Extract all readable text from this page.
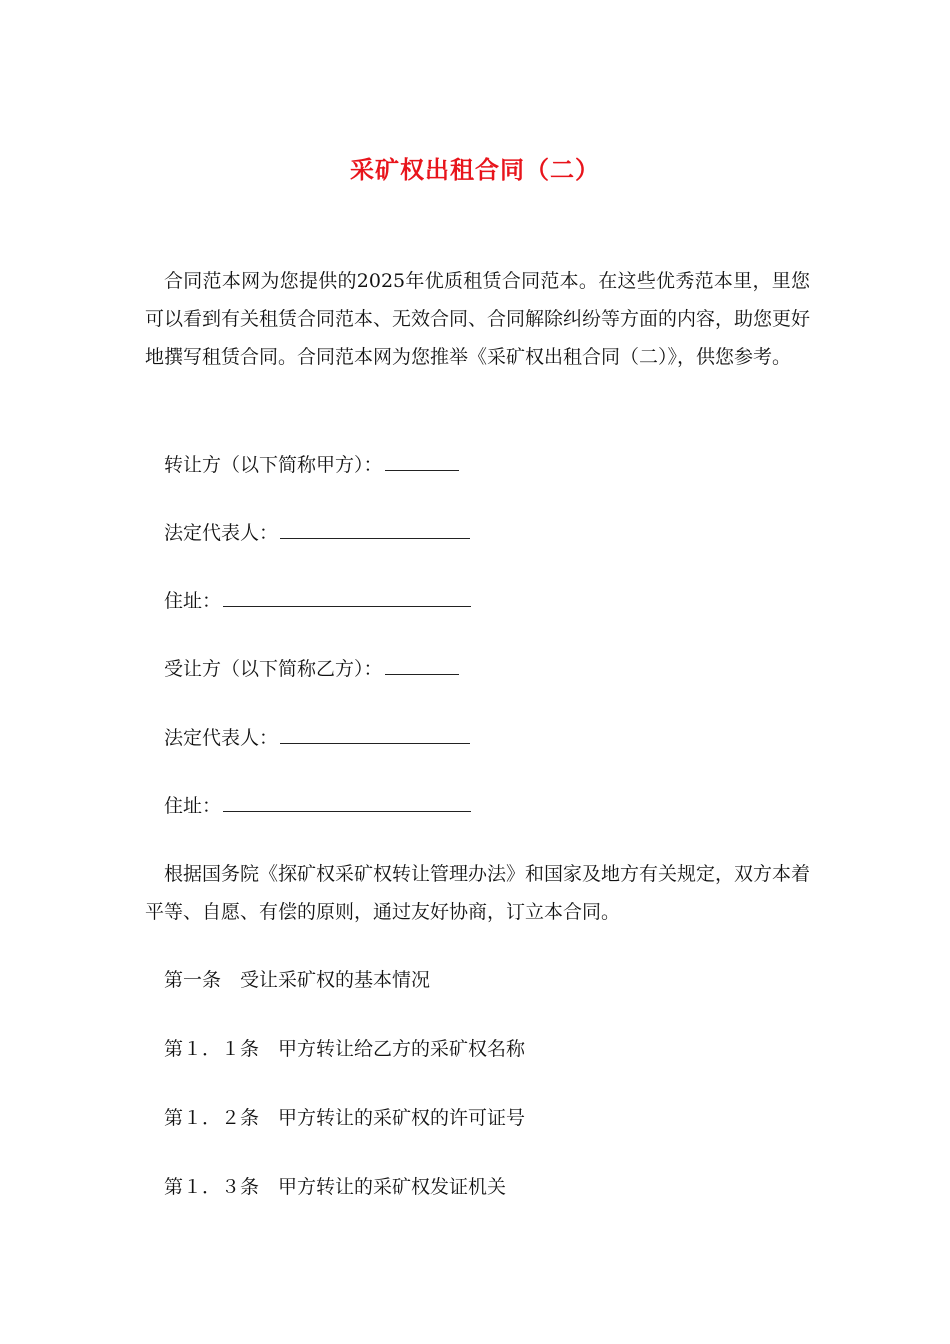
采矿权出租合同（二）

合同范本网为您提供的2025年优质租赁合同范本。在这些优秀范本里，里您可以看到有关租赁合同范本、无效合同、合同解除纠纷等方面的内容，助您更好地撰写租赁合同。合同范本网为您推举《采矿权出租合同（二）》，供您参考。

转让方（以下简称甲方）：

法定代表人：

住址：

受让方（以下简称乙方）：

法定代表人：

住址：

根据国务院《探矿权采矿权转让管理办法》和国家及地方有关规定，双方本着平等、自愿、有偿的原则，通过友好协商，订立本合同。

第一条　受让采矿权的基本情况

第１．１条　甲方转让给乙方的采矿权名称

第１．２条　甲方转让的采矿权的许可证号

第１．３条　甲方转让的采矿权发证机关
